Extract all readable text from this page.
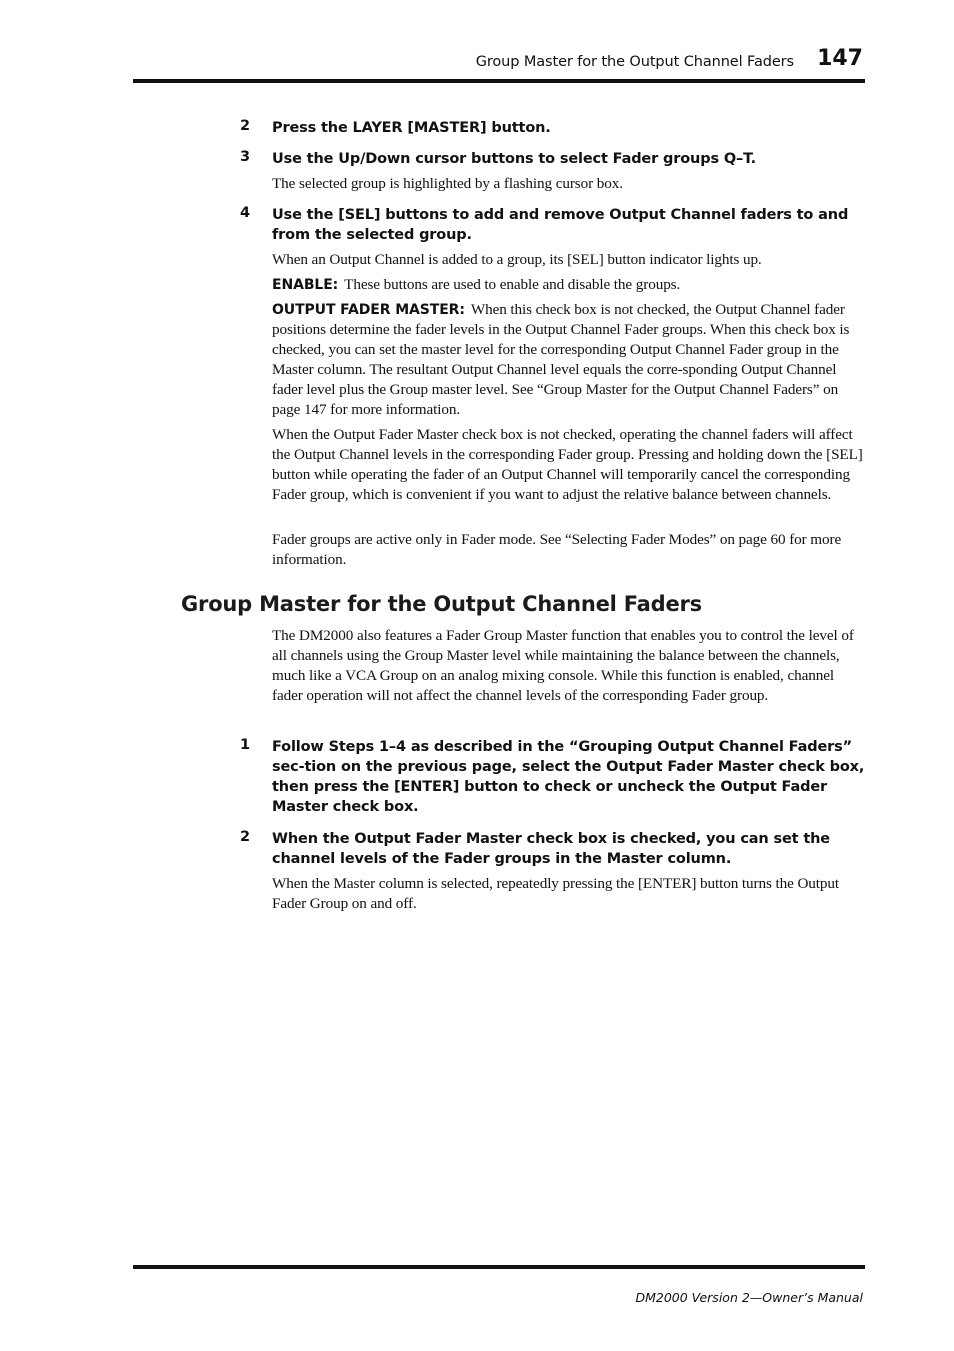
Group Master for the Output Channel Faders 147
2 Press the LAYER [MASTER] button.
3 Use the Up/Down cursor buttons to select Fader groups Q–T.
The selected group is highlighted by a flashing cursor box.
4 Use the [SEL] buttons to add and remove Output Channel faders to and from the selected group.
When an Output Channel is added to a group, its [SEL] button indicator lights up.
ENABLE: These buttons are used to enable and disable the groups.
OUTPUT FADER MASTER: When this check box is not checked, the Output Channel fader positions determine the fader levels in the Output Channel Fader groups. When this check box is checked, you can set the master level for the corresponding Output Channel Fader group in the Master column. The resultant Output Channel level equals the corre-sponding Output Channel fader level plus the Group master level. See “Group Master for the Output Channel Faders” on page 147 for more information.
When the Output Fader Master check box is not checked, operating the channel faders will affect the Output Channel levels in the corresponding Fader group. Pressing and holding down the [SEL] button while operating the fader of an Output Channel will temporarily cancel the corresponding Fader group, which is convenient if you want to adjust the relative balance between channels.
Fader groups are active only in Fader mode. See “Selecting Fader Modes” on page 60 for more information.
Group Master for the Output Channel Faders
The DM2000 also features a Fader Group Master function that enables you to control the level of all channels using the Group Master level while maintaining the balance between the channels, much like a VCA Group on an analog mixing console. While this function is enabled, channel fader operation will not affect the channel levels of the corresponding Fader group.
1 Follow Steps 1–4 as described in the “Grouping Output Channel Faders” sec-tion on the previous page, select the Output Fader Master check box, then press the [ENTER] button to check or uncheck the Output Fader Master check box.
2 When the Output Fader Master check box is checked, you can set the channel levels of the Fader groups in the Master column.
When the Master column is selected, repeatedly pressing the [ENTER] button turns the Output Fader Group on and off.
DM2000 Version 2—Owner’s Manual
